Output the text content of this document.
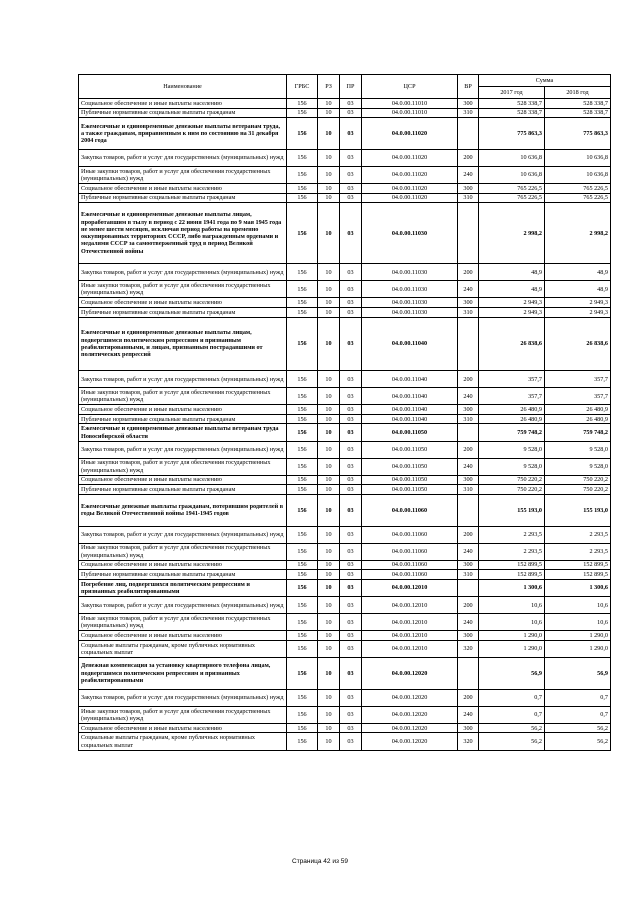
Наименование	ГРБС	РЗ	ПР	ЦСР	ВР	Сумма	
						2017 год	2018 год
Социальное обеспечение и иные выплаты населению	156	10	03	04.0.00.11010	300	528 338,7	528 338,7
Публичные нормативные социальные выплаты гражданам	156	10	03	04.0.00.11010	310	528 338,7	528 338,7
Ежемесячные и единовременные денежные выплаты ветеранам труда, а также гражданам, приравненным к ним по состоянию на 31 декабря 2004 года	156	10	03	04.0.00.11020		775 863,3	775 863,3
Закупка товаров, работ и услуг для государственных (муниципальных) нужд	156	10	03	04.0.00.11020	200	10 636,8	10 636,8
Иные закупки товаров, работ и услуг для обеспечения государственных (муниципальных) нужд	156	10	03	04.0.00.11020	240	10 636,8	10 636,8
Социальное обеспечение и иные выплаты населению	156	10	03	04.0.00.11020	300	765 226,5	765 226,5
Публичные нормативные социальные выплаты гражданам	156	10	03	04.0.00.11020	310	765 226,5	765 226,5
Ежемесячные и единовременные денежные выплаты лицам, проработавшим в тылу в период с 22 июня 1941 года по 9 мая 1945 года не менее шести месяцев, исключая период работы на временно оккупированных территориях СССР, либо награжденным орденами и медалями СССР за самоотверженный труд в период Великой Отечественной войны	156	10	03	04.0.00.11030		2 998,2	2 998,2
Закупка товаров, работ и услуг для государственных (муниципальных) нужд	156	10	03	04.0.00.11030	200	48,9	48,9
Иные закупки товаров, работ и услуг для обеспечения государственных (муниципальных) нужд	156	10	03	04.0.00.11030	240	48,9	48,9
Социальное обеспечение и иные выплаты населению	156	10	03	04.0.00.11030	300	2 949,3	2 949,3
Публичные нормативные социальные выплаты гражданам	156	10	03	04.0.00.11030	310	2 949,3	2 949,3
Ежемесячные и единовременные денежные выплаты лицам, подвергшимся политическим репрессиям и признанным реабилитированными, и лицам, признанным пострадавшими от политических репрессий	156	10	03	04.0.00.11040		26 838,6	26 838,6
Закупка товаров, работ и услуг для государственных (муниципальных) нужд	156	10	03	04.0.00.11040	200	357,7	357,7
Иные закупки товаров, работ и услуг для обеспечения государственных (муниципальных) нужд	156	10	03	04.0.00.11040	240	357,7	357,7
Социальное обеспечение и иные выплаты населению	156	10	03	04.0.00.11040	300	26 480,9	26 480,9
Публичные нормативные социальные выплаты гражданам	156	10	03	04.0.00.11040	310	26 480,9	26 480,9
Ежемесячные и единовременные денежные выплаты ветеранам труда Новосибирской области	156	10	03	04.0.00.11050		759 748,2	759 748,2
Закупка товаров, работ и услуг для государственных (муниципальных) нужд	156	10	03	04.0.00.11050	200	9 528,0	9 528,0
Иные закупки товаров, работ и услуг для обеспечения государственных (муниципальных) нужд	156	10	03	04.0.00.11050	240	9 528,0	9 528,0
Социальное обеспечение и иные выплаты населению	156	10	03	04.0.00.11050	300	750 220,2	750 220,2
Публичные нормативные социальные выплаты гражданам	156	10	03	04.0.00.11050	310	750 220,2	750 220,2
Ежемесячные денежные выплаты гражданам, потерявшим родителей в годы Великой Отечественной войны 1941-1945 годов	156	10	03	04.0.00.11060		155 193,0	155 193,0
Закупка товаров, работ и услуг для государственных (муниципальных) нужд	156	10	03	04.0.00.11060	200	2 293,5	2 293,5
Иные закупки товаров, работ и услуг для обеспечения государственных (муниципальных) нужд	156	10	03	04.0.00.11060	240	2 293,5	2 293,5
Социальное обеспечение и иные выплаты населению	156	10	03	04.0.00.11060	300	152 899,5	152 899,5
Публичные нормативные социальные выплаты гражданам	156	10	03	04.0.00.11060	310	152 899,5	152 899,5
Погребение лиц, подвергшихся политическим репрессиям и признанных реабилитированными	156	10	03	04.0.00.12010		1 300,6	1 300,6
Закупка товаров, работ и услуг для государственных (муниципальных) нужд	156	10	03	04.0.00.12010	200	10,6	10,6
Иные закупки товаров, работ и услуг для обеспечения государственных (муниципальных) нужд	156	10	03	04.0.00.12010	240	10,6	10,6
Социальное обеспечение и иные выплаты населению	156	10	03	04.0.00.12010	300	1 290,0	1 290,0
Социальные выплаты гражданам, кроме публичных нормативных социальных выплат	156	10	03	04.0.00.12010	320	1 290,0	1 290,0
Денежная компенсация за установку квартирного телефона лицам, подвергшимся политическим репрессиям и признанных реабилитированными	156	10	03	04.0.00.12020		56,9	56,9
Закупка товаров, работ и услуг для государственных (муниципальных) нужд	156	10	03	04.0.00.12020	200	0,7	0,7
Иные закупки товаров, работ и услуг для обеспечения государственных (муниципальных) нужд	156	10	03	04.0.00.12020	240	0,7	0,7
Социальное обеспечение и иные выплаты населению	156	10	03	04.0.00.12020	300	56,2	56,2
Социальные выплаты гражданам, кроме публичных нормативных социальных выплат	156	10	03	04.0.00.12020	320	56,2	56,2
Страница 42 из 59
